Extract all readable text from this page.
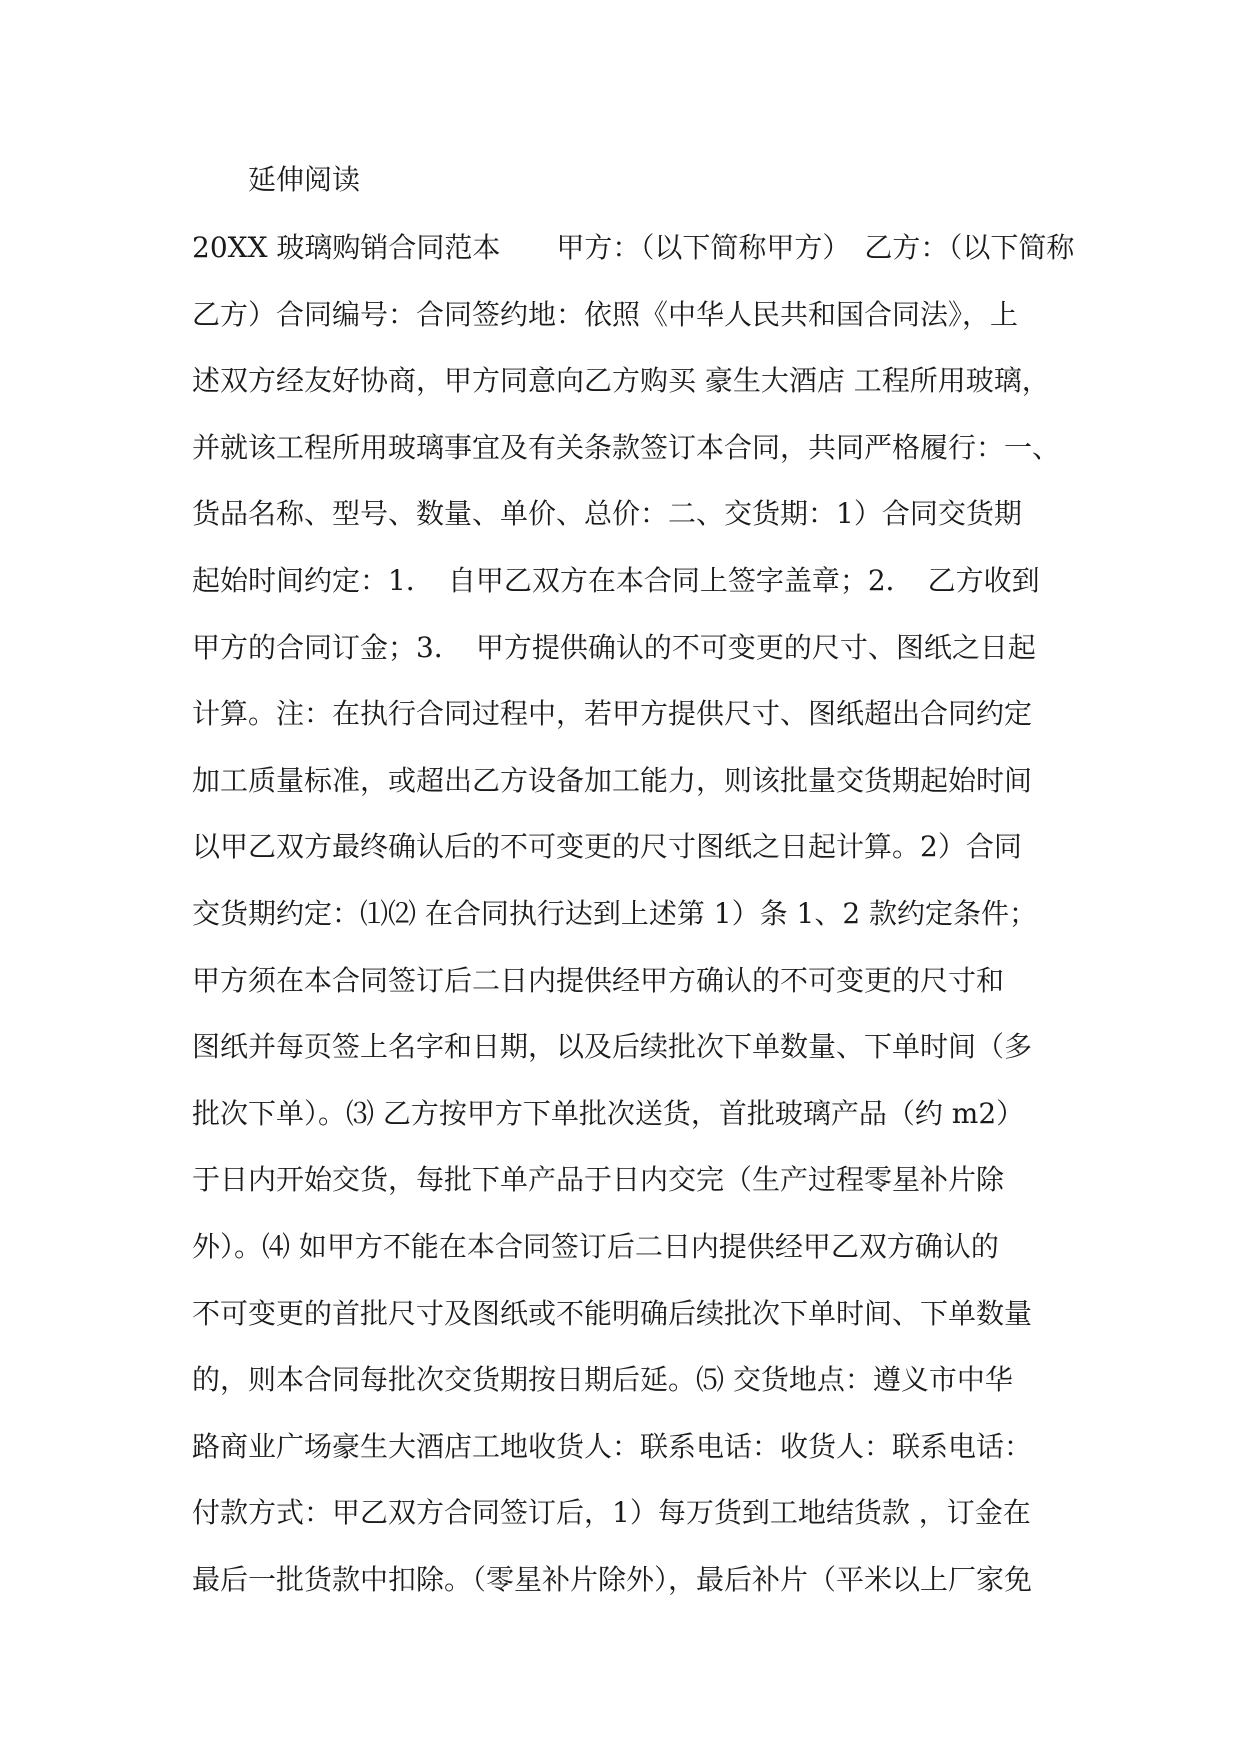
延伸阅读
20XX 玻璃购销合同范本　　甲方：（以下简称甲方）　乙方：（以下简称
乙方）合同编号：合同签约地：依照《中华人民共和国合同法》，上
述双方经友好协商，甲方同意向乙方购买 豪生大酒店 工程所用玻璃，
并就该工程所用玻璃事宜及有关条款签订本合同，共同严格履行：一、
货品名称、型号、数量、单价、总价：二、交货期：1）合同交货期
起始时间约定：1．　自甲乙双方在本合同上签字盖章；2．　乙方收到
甲方的合同订金；3．　甲方提供确认的不可变更的尺寸、图纸之日起
计算。注：在执行合同过程中，若甲方提供尺寸、图纸超出合同约定
加工质量标准，或超出乙方设备加工能力，则该批量交货期起始时间
以甲乙双方最终确认后的不可变更的尺寸图纸之日起计算。2）合同
交货期约定：⑴⑵ 在合同执行达到上述第 1）条 1、2 款约定条件；
甲方须在本合同签订后二日内提供经甲方确认的不可变更的尺寸和
图纸并每页签上名字和日期，以及后续批次下单数量、下单时间（多
批次下单）。⑶ 乙方按甲方下单批次送货，首批玻璃产品（约 m2）
于日内开始交货，每批下单产品于日内交完（生产过程零星补片除
外）。⑷ 如甲方不能在本合同签订后二日内提供经甲乙双方确认的
不可变更的首批尺寸及图纸或不能明确后续批次下单时间、下单数量
的，则本合同每批次交货期按日期后延。⑸ 交货地点：遵义市中华
路商业广场豪生大酒店工地收货人：联系电话：收货人：联系电话：
付款方式：甲乙双方合同签订后，1）每万货到工地结货款 ，订金在
最后一批货款中扣除。（零星补片除外），最后补片（平米以上厂家免
